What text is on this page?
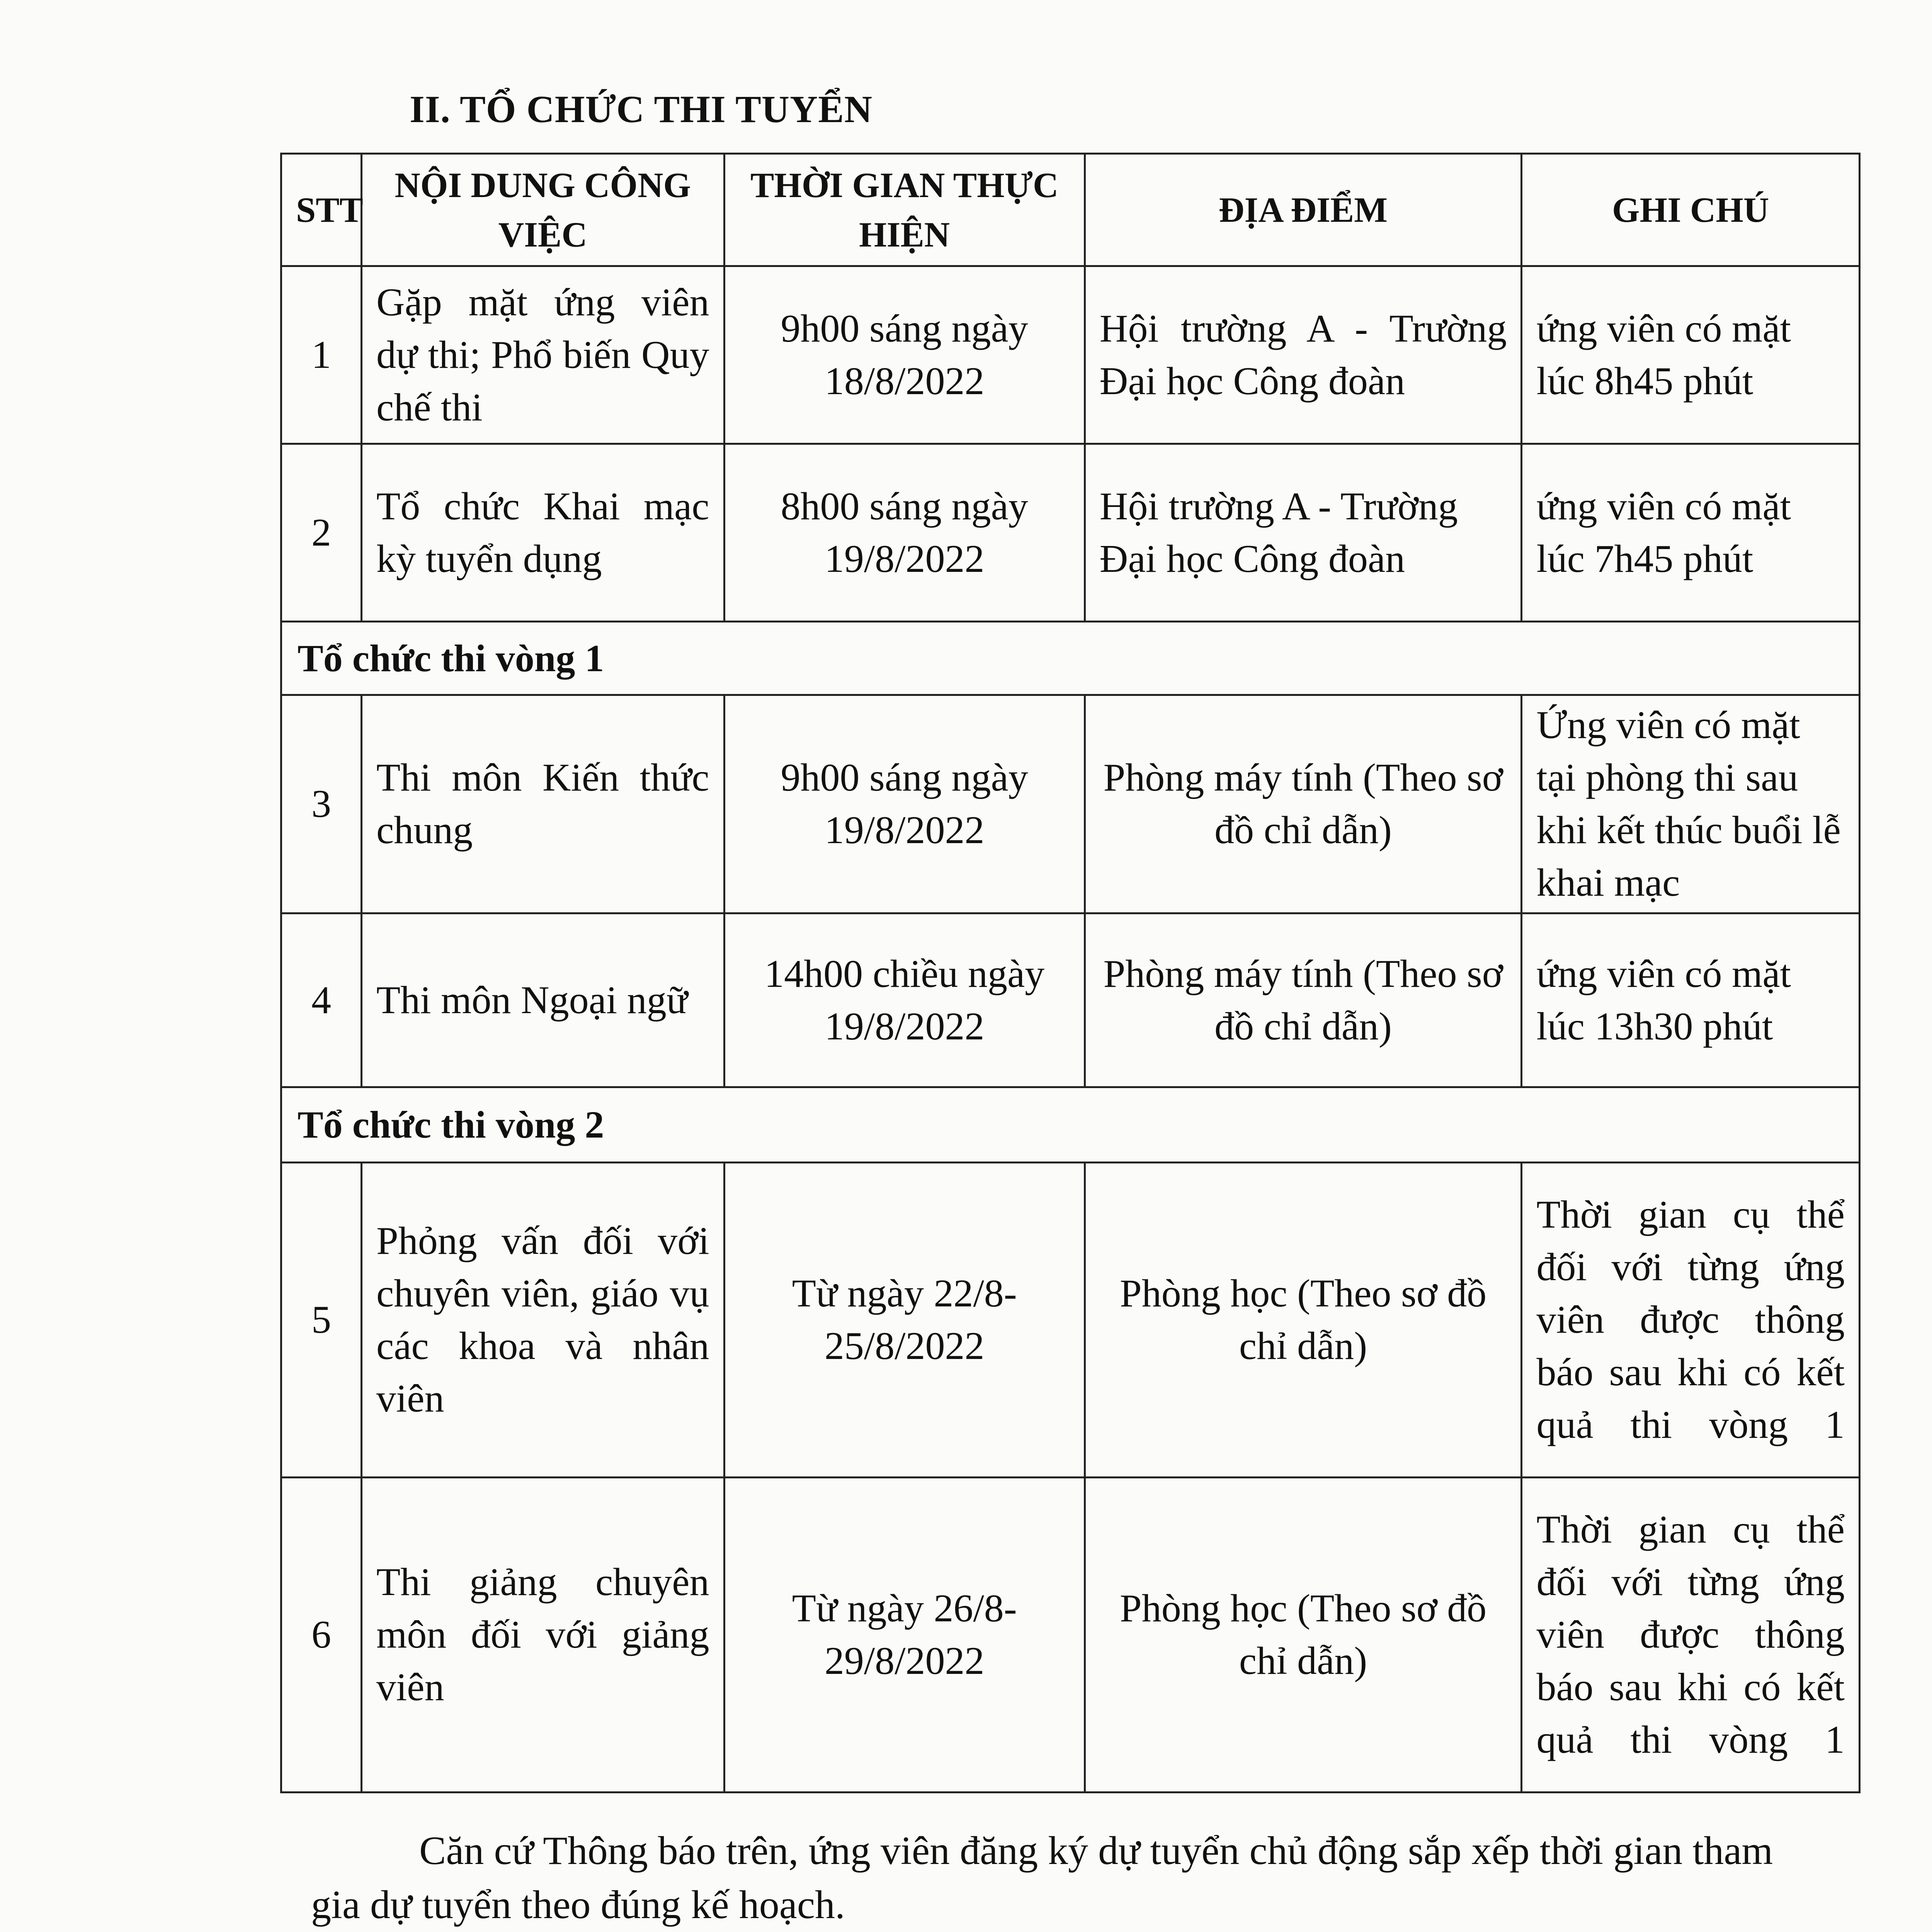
II. TỔ CHỨC THI TUYỂN
STT	NỘI DUNG CÔNG VIỆC	THỜI GIAN THỰC HIỆN	ĐỊA ĐIỂM	GHI CHÚ
1	Gặp mặt ứng viên dự thi; Phổ biến Quy chế thi	9h00 sáng ngày 18/8/2022	Hội trường A - Trường Đại học Công đoàn	ứng viên có mặt lúc 8h45 phút
2	Tổ chức Khai mạc kỳ tuyển dụng	8h00 sáng ngày 19/8/2022	Hội trường A - Trường Đại học Công đoàn	ứng viên có mặt lúc 7h45 phút
Tổ chức thi vòng 1				
3	Thi môn Kiến thức chung	9h00 sáng ngày 19/8/2022	Phòng máy tính (Theo sơ đồ chỉ dẫn)	Ứng viên có mặt tại phòng thi sau khi kết thúc buổi lễ khai mạc
4	Thi môn Ngoại ngữ	14h00 chiều ngày 19/8/2022	Phòng máy tính (Theo sơ đồ chỉ dẫn)	ứng viên có mặt lúc 13h30 phút
Tổ chức thi vòng 2				
5	Phỏng vấn đối với chuyên viên, giáo vụ các khoa và nhân viên	Từ ngày 22/8-25/8/2022	Phòng học (Theo sơ đồ chỉ dẫn)	Thời gian cụ thể đối với từng ứng viên được thông báo sau khi có kết quả thi vòng 1
6	Thi giảng chuyên môn đối với giảng viên	Từ ngày 26/8-29/8/2022	Phòng học (Theo sơ đồ chỉ dẫn)	Thời gian cụ thể đối với từng ứng viên được thông báo sau khi có kết quả thi vòng 1
Căn cứ Thông báo trên, ứng viên đăng ký dự tuyển chủ động sắp xếp thời gian tham gia dự tuyển theo đúng kế hoạch.
